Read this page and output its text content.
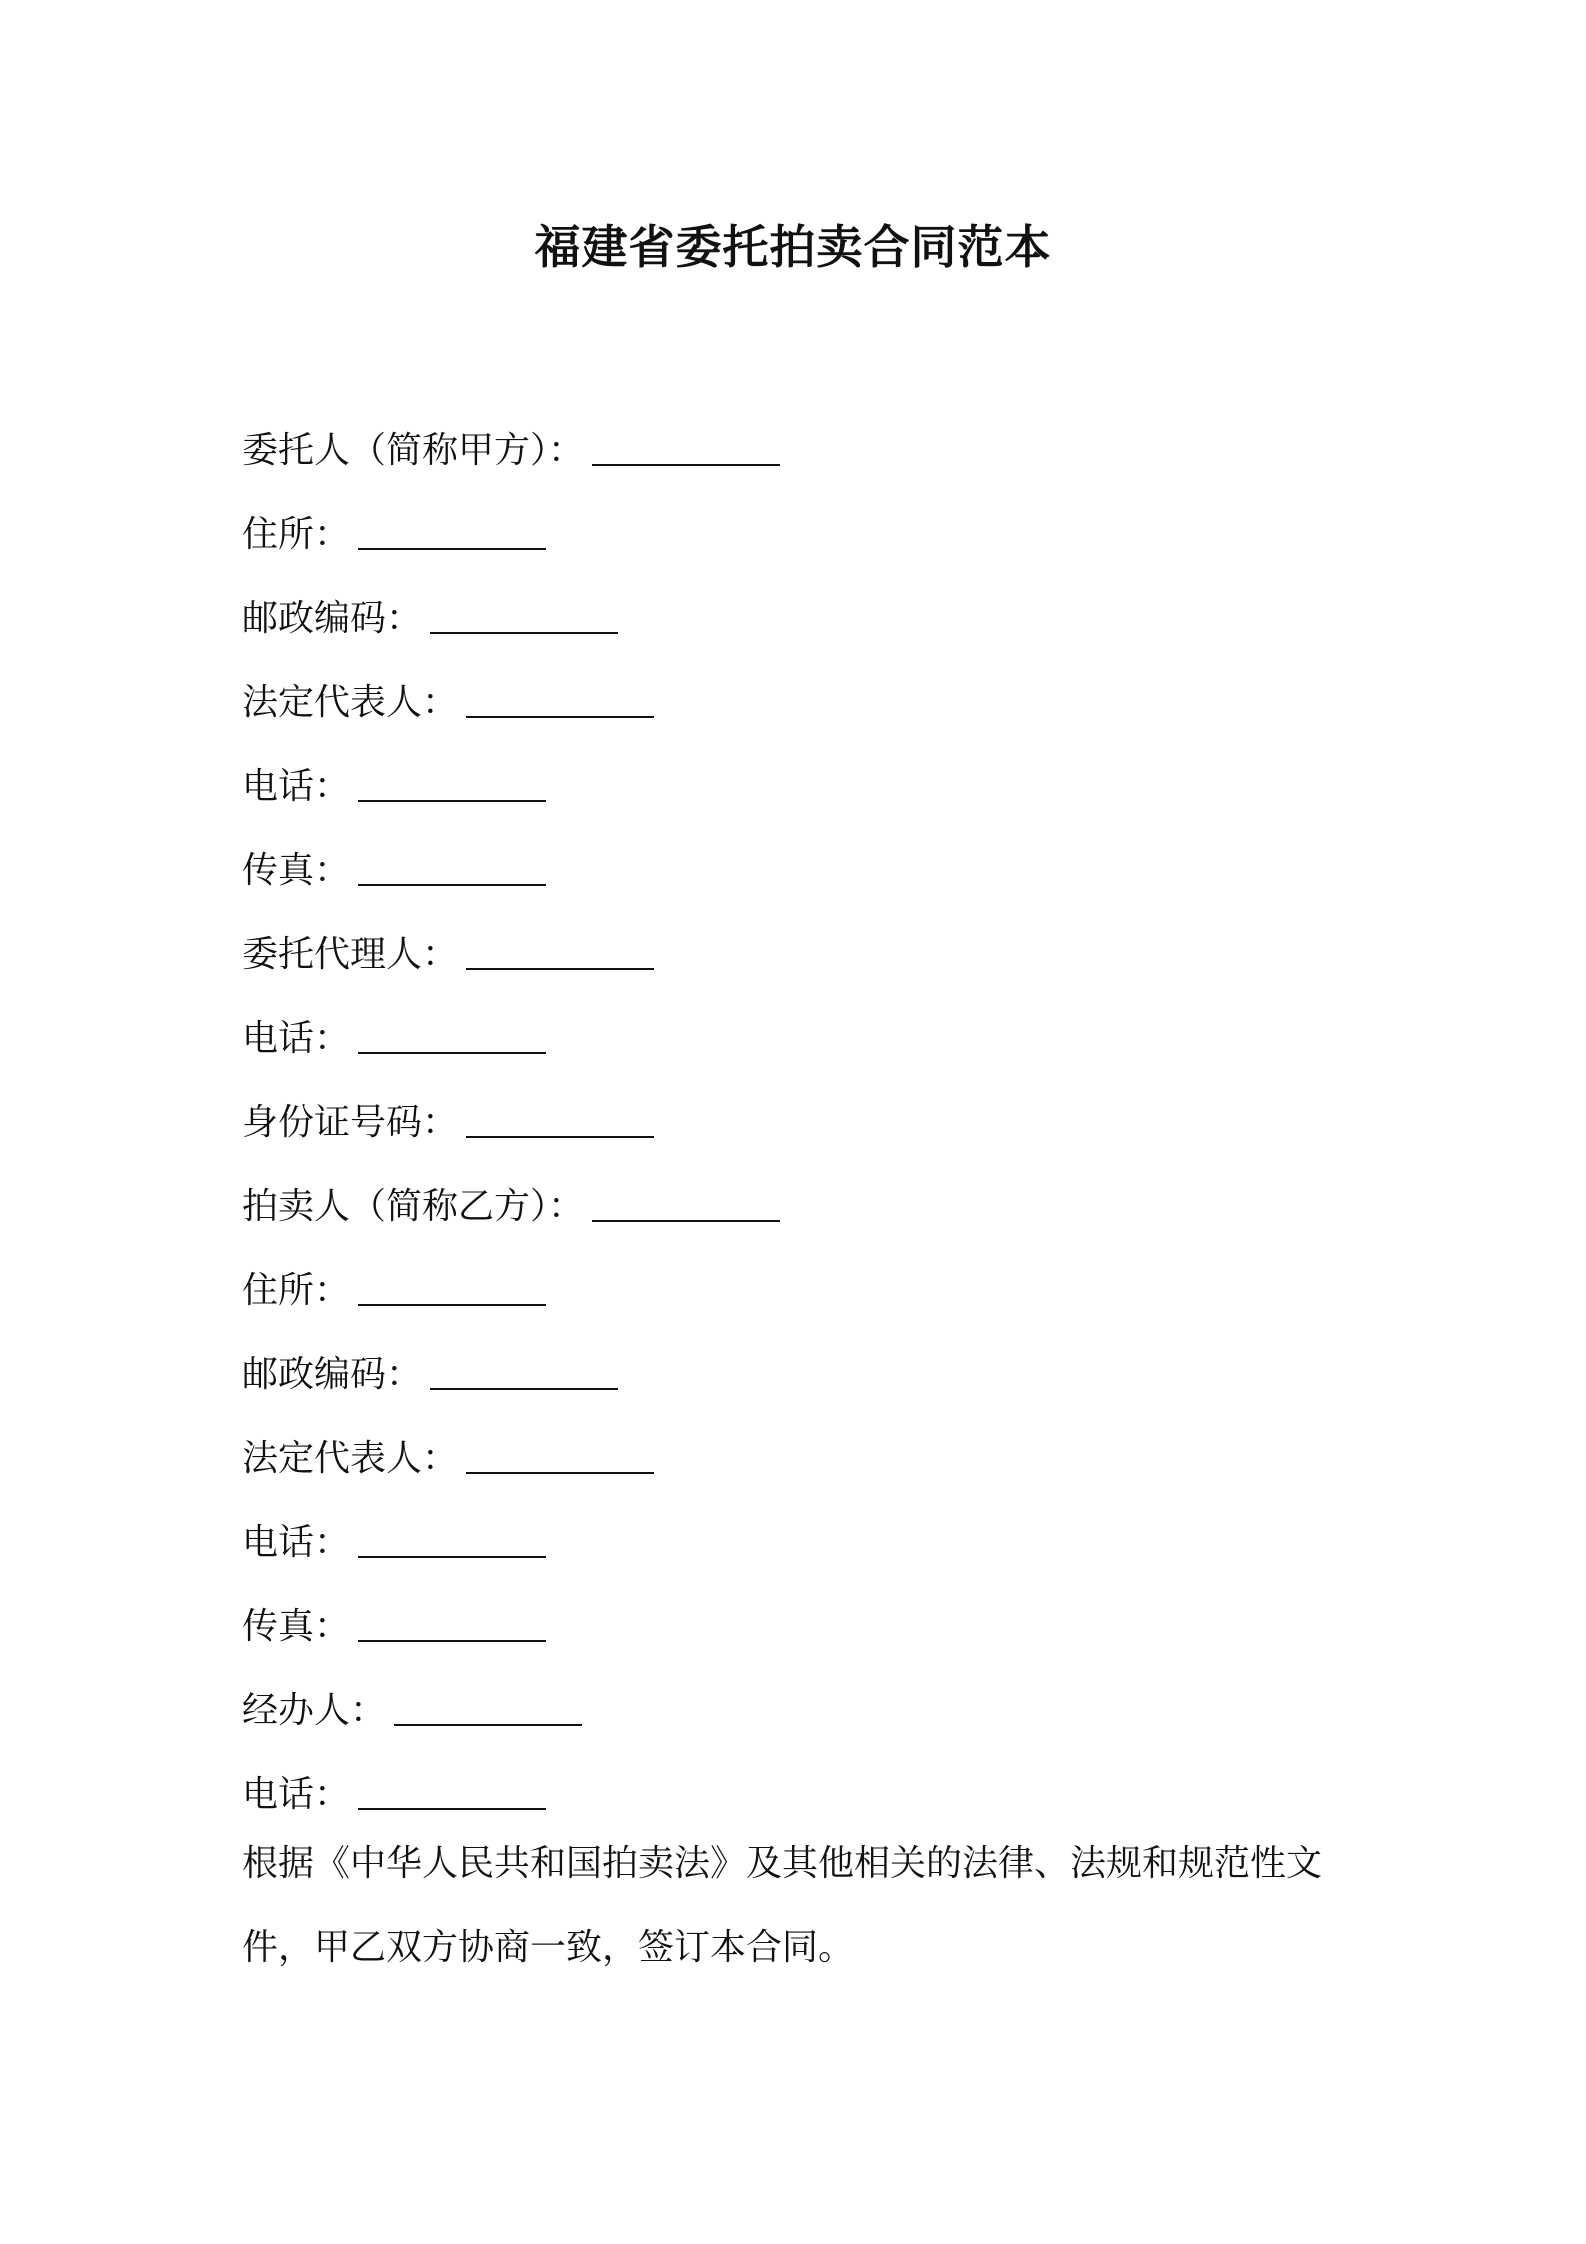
福建省委托拍卖合同范本
委托人（简称甲方）：
住所：
邮政编码：
法定代表人：
电话：
传真：
委托代理人：
电话：
身份证号码：
拍卖人（简称乙方）：
住所：
邮政编码：
法定代表人：
电话：
传真：
经办人：
电话：
根据《中华人民共和国拍卖法》及其他相关的法律、法规和规范性文
件，甲乙双方协商一致，签订本合同。
